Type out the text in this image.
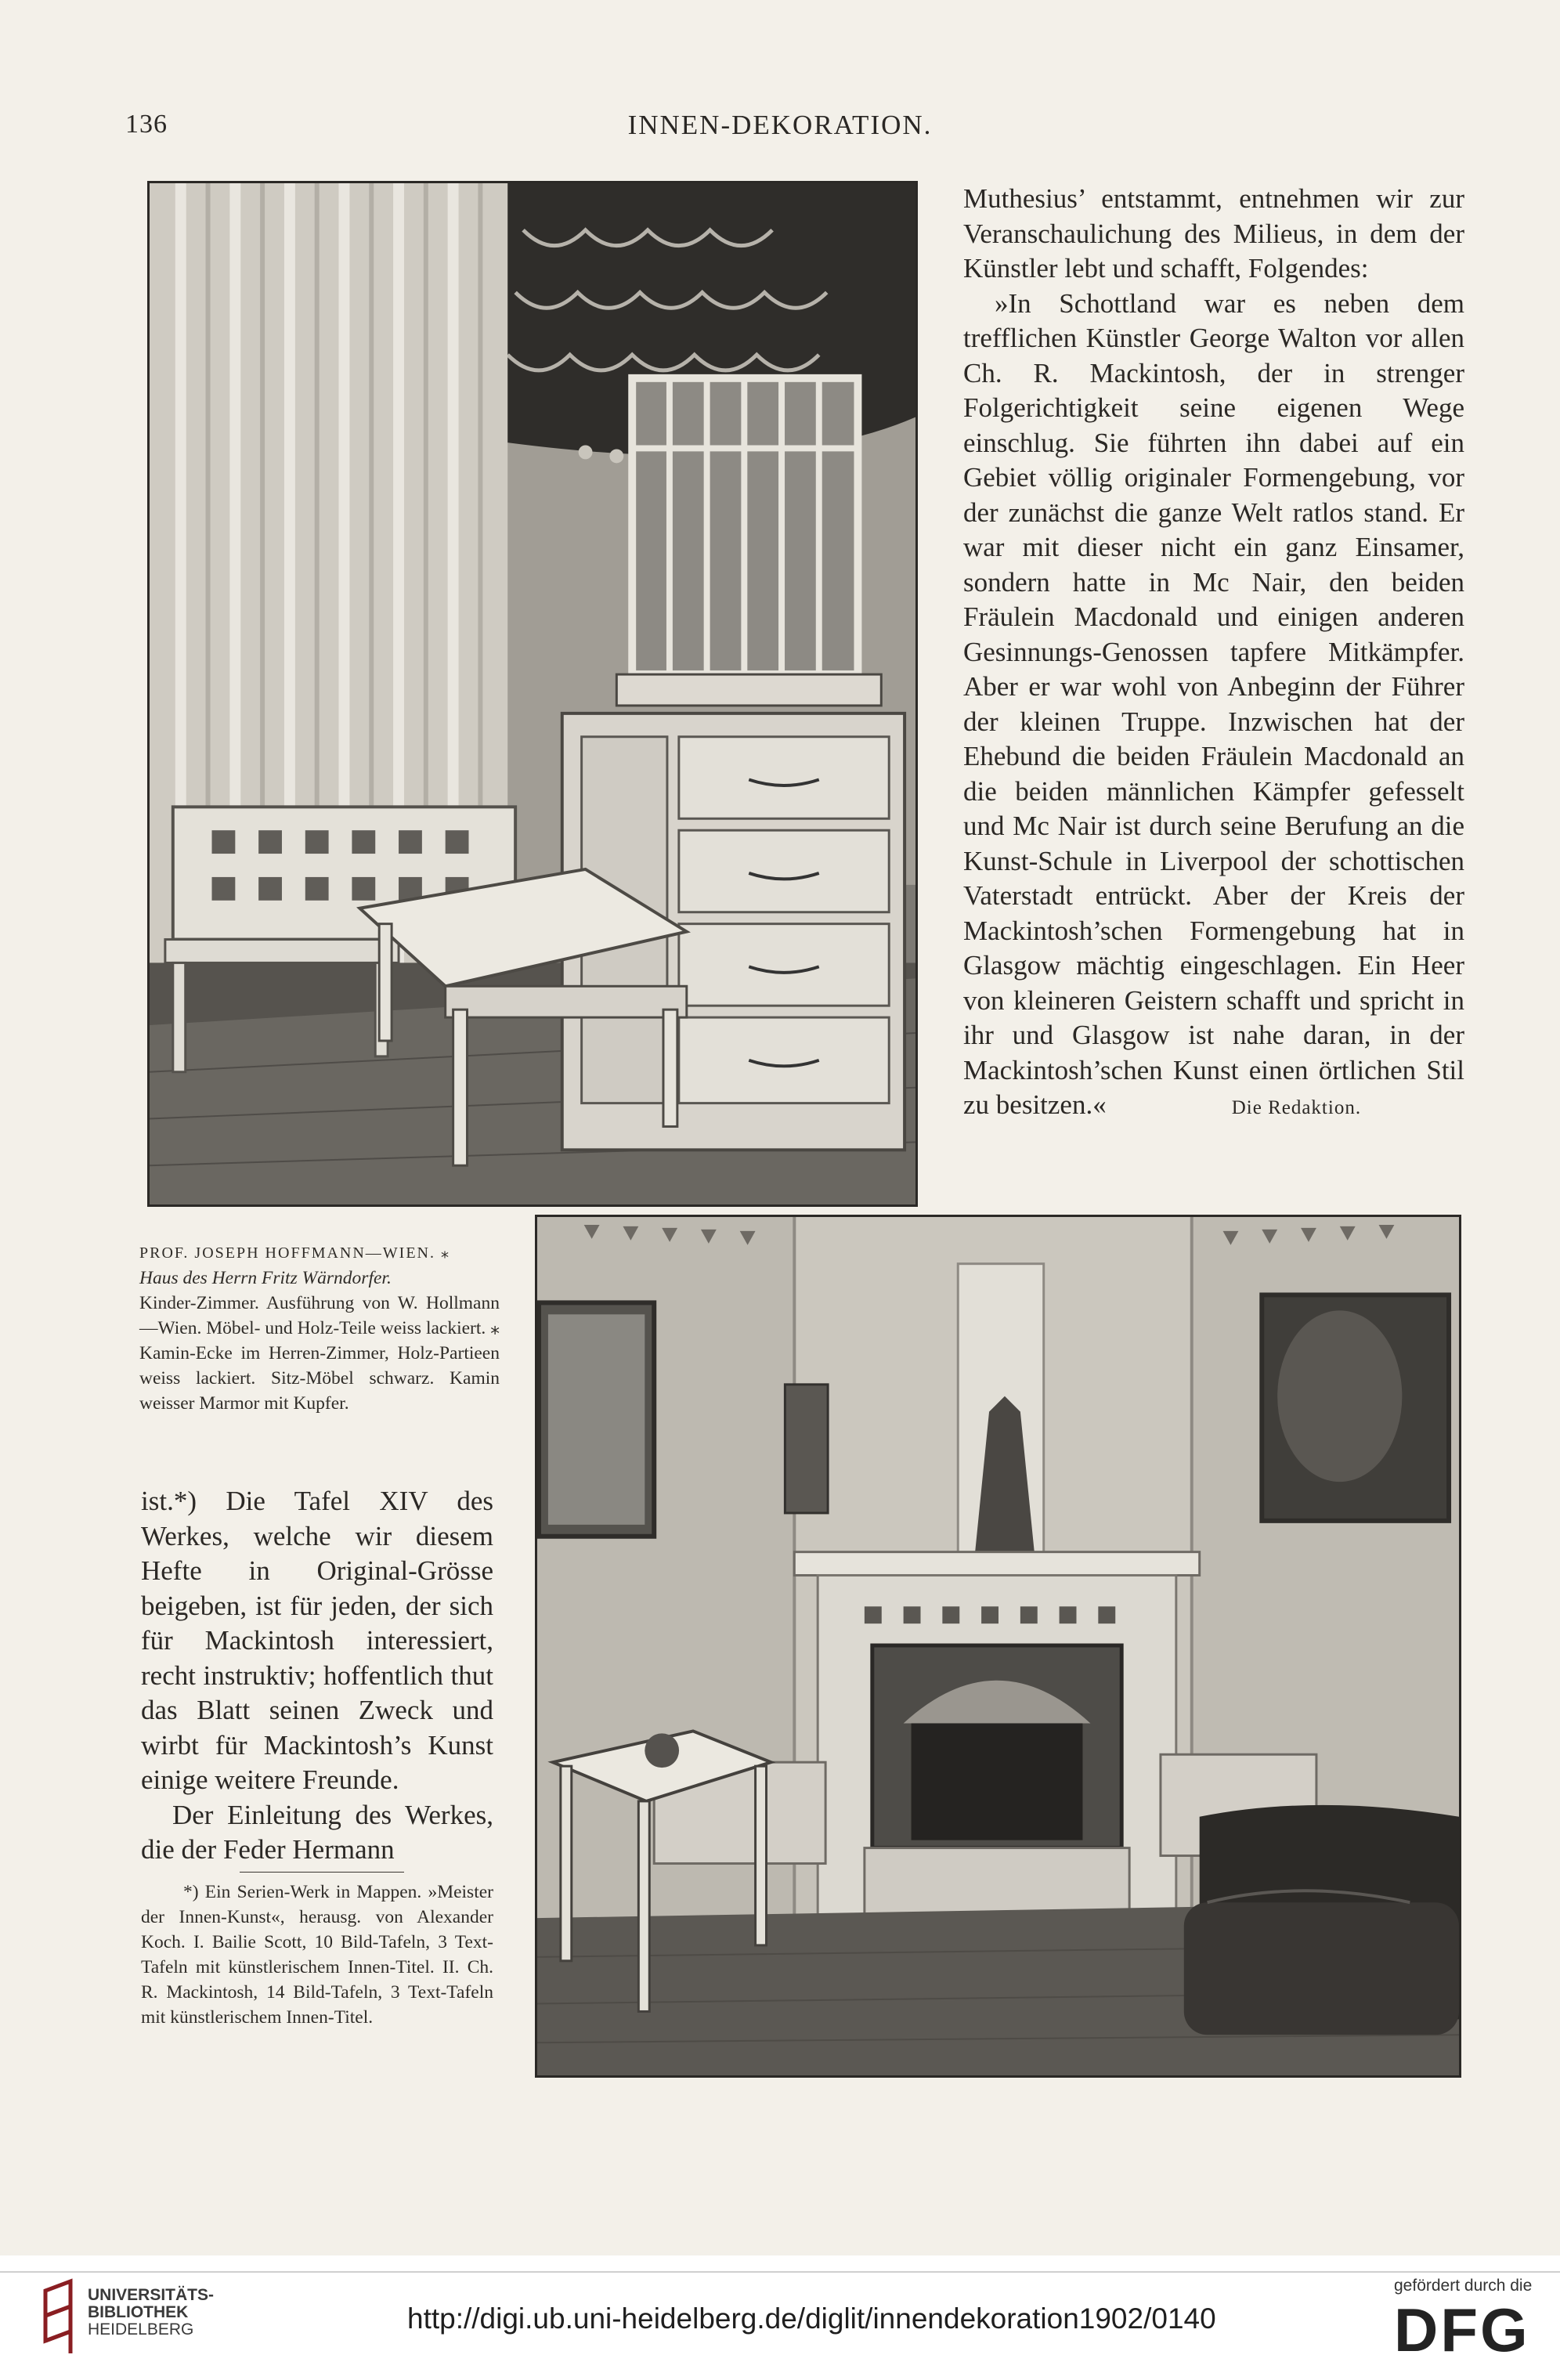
136	INNEN-DEKORATION.

Muthesius’ entstammt, entnehmen wir zur Veranschaulichung des Milieus, in dem der Künstler lebt und schafft, Folgendes:

»In Schottland war es neben dem trefflichen Künstler George Walton vor allen Ch. R. Mackintosh, der in strenger Folgerichtigkeit seine eigenen Wege einschlug. Sie führten ihn dabei auf ein Gebiet völlig originaler Formengebung, vor der zunächst die ganze Welt ratlos stand. Er war mit dieser nicht ein ganz Einsamer, sondern hatte in Mc Nair, den beiden Fräulein Macdonald und einigen anderen Gesinnungs-Genossen tapfere Mitkämpfer. Aber er war wohl von Anbeginn der Führer der kleinen Truppe. Inzwischen hat der Ehebund die beiden Fräulein Macdonald an die beiden männlichen Kämpfer gefesselt und Mc Nair ist durch seine Berufung an die Kunst-Schule in Liverpool der schottischen Vaterstadt entrückt. Aber der Kreis der Mackintosh’schen Formengebung hat in Glasgow mächtig eingeschlagen. Ein Heer von kleineren Geistern schafft und spricht in ihr und Glasgow ist nahe daran, in der Mackintosh’schen Kunst einen örtlichen Stil zu besitzen.«	Die Redaktion.

PROF. JOSEPH HOFFMANN—WIEN. ⁎
Haus des Herrn Fritz Wärndorfer.
Kinder-Zimmer. Ausführung von W. Hollmann—Wien. Möbel- und Holz-Teile weiss lackiert. ⁎ Kamin-Ecke im Herren-Zimmer, Holz-Partieen weiss lackiert. Sitz-Möbel schwarz. Kamin weisser Marmor mit Kupfer.

ist.*) Die Tafel XIV des Werkes, welche wir diesem Hefte in Original-Grösse beigeben, ist für jeden, der sich für Mackintosh interessiert, recht instruktiv; hoffentlich thut das Blatt seinen Zweck und wirbt für Mackintosh’s Kunst einige weitere Freunde.

Der Einleitung des Werkes, die der Feder Hermann

*) Ein Serien-Werk in Mappen. »Meister der Innen-Kunst«, herausg. von Alexander Koch. I. Bailie Scott, 10 Bild-Tafeln, 3 Text-Tafeln mit künstlerischem Innen-Titel. II. Ch. R. Mackintosh, 14 Bild-Tafeln, 3 Text-Tafeln mit künstlerischem Innen-Titel.

UNIVERSITÄTS-
BIBLIOTHEK
HEIDELBERG	http://digi.ub.uni-heidelberg.de/diglit/innendekoration1902/0140
gefördert durch die
DFG
